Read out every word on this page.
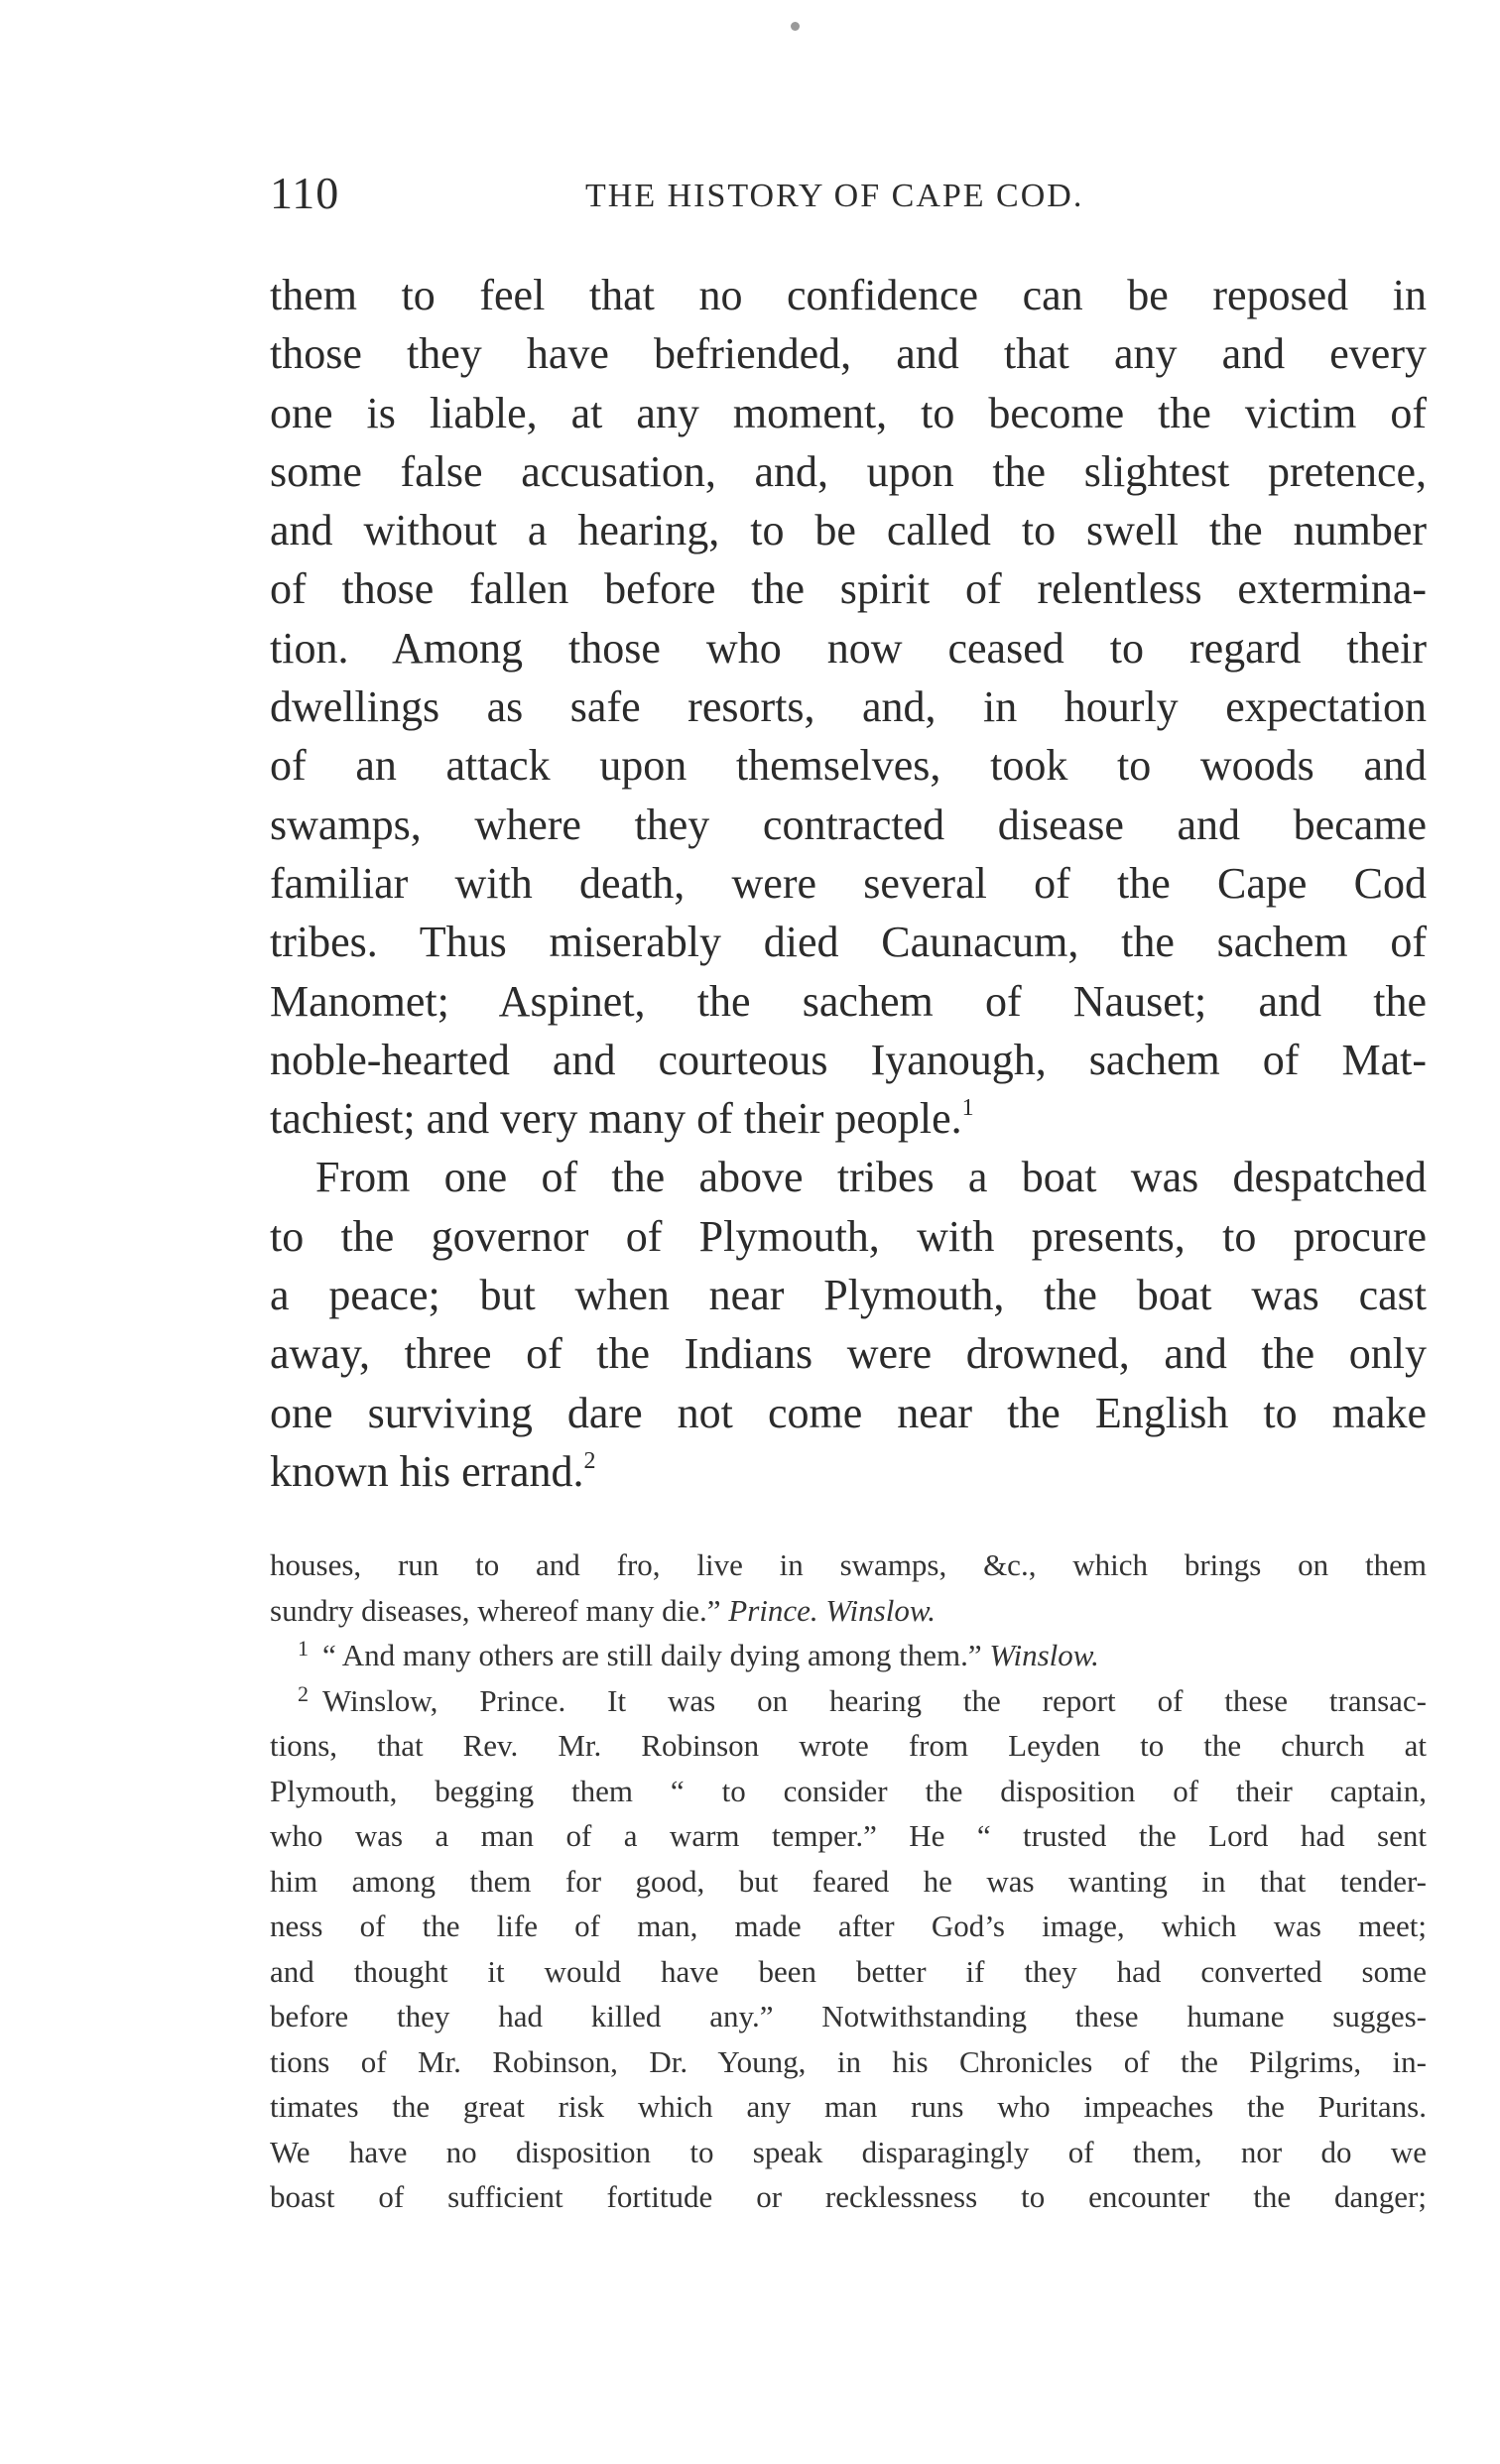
110	THE HISTORY OF CAPE COD.
them to feel that no confidence can be reposed in
those they have befriended, and that any and every
one is liable, at any moment, to become the victim of
some false accusation, and, upon the slightest pretence,
and without a hearing, to be called to swell the number
of those fallen before the spirit of relentless extermina-
tion. Among those who now ceased to regard their
dwellings as safe resorts, and, in hourly expectation
of an attack upon themselves, took to woods and
swamps, where they contracted disease and became
familiar with death, were several of the Cape Cod
tribes. Thus miserably died Caunacum, the sachem of
Manomet; Aspinet, the sachem of Nauset; and the
noble-hearted and courteous Iyanough, sachem of Mat-
tachiest; and very many of their people.$^1$
From one of the above tribes a boat was despatched
to the governor of Plymouth, with presents, to procure
a peace; but when near Plymouth, the boat was cast
away, three of the Indians were drowned, and the only
one surviving dare not come near the English to make
known his errand.$^2$
houses, run to and fro, live in swamps, &c., which brings on them
sundry diseases, whereof many die.” Prince. Winslow.
$^1$ “ And many others are still daily dying among them.” Winslow.
$^2$ Winslow, Prince. It was on hearing the report of these transac-
tions, that Rev. Mr. Robinson wrote from Leyden to the church at
Plymouth, begging them “ to consider the disposition of their captain,
who was a man of a warm temper.” He “ trusted the Lord had sent
him among them for good, but feared he was wanting in that tender-
ness of the life of man, made after God’s image, which was meet;
and thought it would have been better if they had converted some
before they had killed any.” Notwithstanding these humane sugges-
tions of Mr. Robinson, Dr. Young, in his Chronicles of the Pilgrims, in-
timates the great risk which any man runs who impeaches the Puritans.
We have no disposition to speak disparagingly of them, nor do we
boast of sufficient fortitude or recklessness to encounter the danger;
